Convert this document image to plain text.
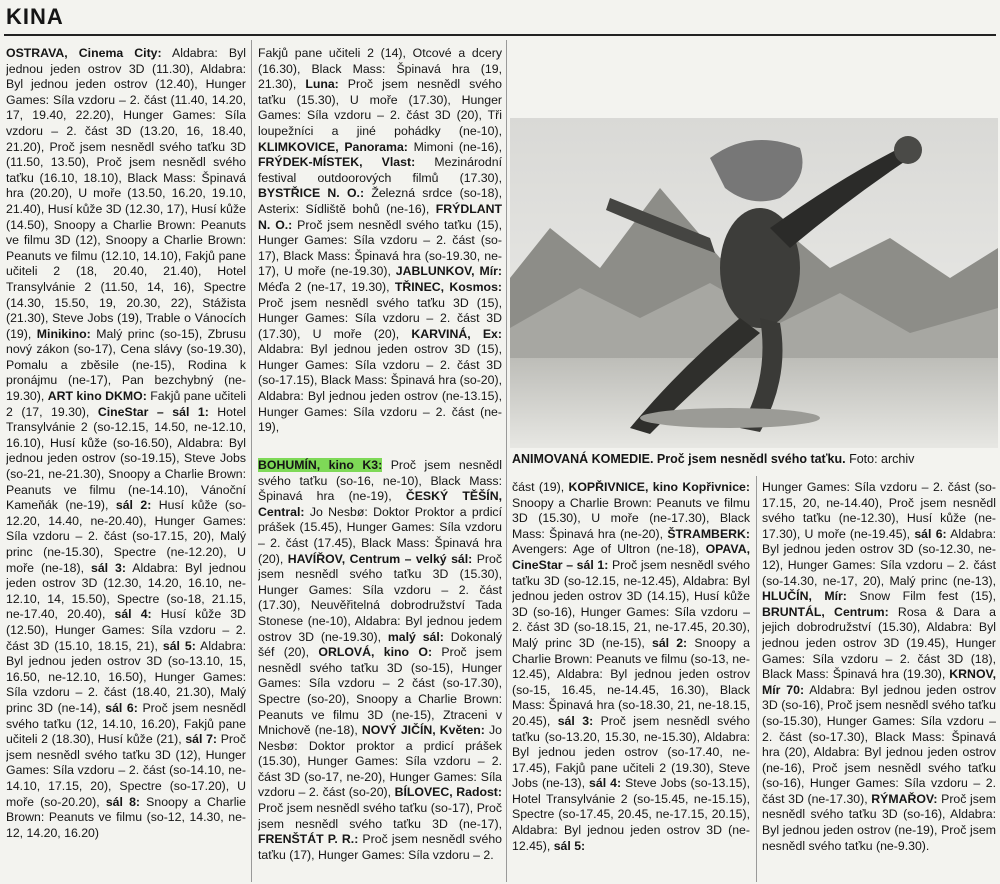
KINA
OSTRAVA, Cinema City: Aldabra: Byl jednou jeden ostrov 3D (11.30), Aldabra: Byl jednou jeden ostrov (12.40), Hunger Games: Síla vzdoru – 2. část (11.40, 14.20, 17, 19.40, 22.20), Hunger Games: Síla vzdoru – 2. část 3D (13.20, 16, 18.40, 21.20), Proč jsem nesnědl svého taťku 3D (11.50, 13.50), Proč jsem nesnědl svého taťku (16.10, 18.10), Black Mass: Špinavá hra (20.20), U moře (13.50, 16.20, 19.10, 21.40), Husí kůže 3D (12.30, 17), Husí kůže (14.50), Snoopy a Charlie Brown: Peanuts ve filmu 3D (12), Snoopy a Charlie Brown: Peanuts ve filmu (12.10, 14.10), Fakjů pane učiteli 2 (18, 20.40, 21.40), Hotel Transylvánie 2 (11.50, 14, 16), Spectre (14.30, 15.50, 19, 20.30, 22), Stážista (21.30), Steve Jobs (19), Trable o Vánocích (19), Minikino: Malý princ (so-15), Zbrusu nový zákon (so-17), Cena slávy (so-19.30), Pomalu a zběsile (ne-15), Rodina k pronájmu (ne-17), Pan bezchybný (ne-19.30), ART kino DKMO: Fakjů pane učiteli 2 (17, 19.30), CineStar – sál 1: Hotel Transylvánie 2 (so-12.15, 14.50, ne-12.10, 16.10), Husí kůže (so-16.50), Aldabra: Byl jednou jeden ostrov (so-19.15), Steve Jobs (so-21, ne-21.30), Snoopy a Charlie Brown: Peanuts ve filmu (ne-14.10), Vánoční Kameňák (ne-19), sál 2: Husí kůže (so-12.20, 14.40, ne-20.40), Hunger Games: Síla vzdoru – 2. část (so-17.15, 20), Malý princ (ne-15.30), Spectre (ne-12.20), U moře (ne-18), sál 3: Aldabra: Byl jednou jeden ostrov 3D (12.30, 14.20, 16.10, ne-12.10, 14, 15.50), Spectre (so-18, 21.15, ne-17.40, 20.40), sál 4: Husí kůže 3D (12.50), Hunger Games: Síla vzdoru – 2. část 3D (15.10, 18.15, 21), sál 5: Aldabra: Byl jednou jeden ostrov 3D (so-13.10, 15, 16.50, ne-12.10, 16.50), Hunger Games: Síla vzdoru – 2. část (18.40, 21.30), Malý princ 3D (ne-14), sál 6: Proč jsem nesnědl svého taťku (12, 14.10, 16.20), Fakjů pane učiteli 2 (18.30), Husí kůže (21), sál 7: Proč jsem nesnědl svého taťku 3D (12), Hunger Games: Síla vzdoru – 2. část (so-14.10, ne-14.10, 17.15, 20), Spectre (so-17.20), U moře (so-20.20), sál 8: Snoopy a Charlie Brown: Peanuts ve filmu (so-12, 14.30, ne-12, 14.20, 16.20)
Fakjů pane učiteli 2 (14), Otcové a dcery (16.30), Black Mass: Špinavá hra (19, 21.30), Luna: Proč jsem nesnědl svého taťku (15.30), U moře (17.30), Hunger Games: Síla vzdoru – 2. část 3D (20), Tři loupežníci a jiné pohádky (ne-10), KLIMKOVICE, Panorama: Mimoni (ne-16), FRÝDEK-MÍSTEK, Vlast: Mezinárodní festival outdoorových filmů (17.30), BYSTŘICE N. O.: Železná srdce (so-18), Asterix: Sídliště bohů (ne-16), FRÝDLANT N. O.: Proč jsem nesnědl svého taťku (15), Hunger Games: Síla vzdoru – 2. část (so-17), Black Mass: Špinavá hra (so-19.30, ne-17), U moře (ne-19.30), JABLUNKOV, Mír: Méďa 2 (ne-17, 19.30), TŘINEC, Kosmos: Proč jsem nesnědl svého taťku 3D (15), Hunger Games: Síla vzdoru – 2. část 3D (17.30), U moře (20), KARVINÁ, Ex: Aldabra: Byl jednou jeden ostrov 3D (15), Hunger Games: Síla vzdoru – 2. část 3D (so-17.15), Black Mass: Špinavá hra (so-20), Aldabra: Byl jednou jeden ostrov (ne-13.15), Hunger Games: Síla vzdoru – 2. část (ne-19),
BOHUMÍN, kino K3: Proč jsem nesnědl svého taťku (so-16, ne-10), Black Mass: Špinavá hra (ne-19), ČESKÝ TĚŠÍN, Central: Jo Nesbø: Doktor Proktor a prdicí prášek (15.45), Hunger Games: Síla vzdoru – 2. část (17.45), Black Mass: Špinavá hra (20), HAVÍŘOV, Centrum – velký sál: Proč jsem nesnědl svého taťku 3D (15.30), Hunger Games: Síla vzdoru – 2. část (17.30), Neuvěřitelná dobrodružství Tada Stonese (ne-10), Aldabra: Byl jednou jedem ostrov 3D (ne-19.30), malý sál: Dokonalý šéf (20), ORLOVÁ, kino O: Proč jsem nesnědl svého taťku 3D (so-15), Hunger Games: Síla vzdoru – 2 část (so-17.30), Spectre (so-20), Snoopy a Charlie Brown: Peanuts ve filmu 3D (ne-15), Ztraceni v Mnichově (ne-18), NOVÝ JIČÍN, Květen: Jo Nesbø: Doktor proktor a prdicí prášek (15.30), Hunger Games: Síla vzdoru – 2. část 3D (so-17, ne-20), Hunger Games: Síla vzdoru – 2. část (so-20), BÍLOVEC, Radost: Proč jsem nesnědl svého taťku (so-17), Proč jsem nesnědl svého taťku 3D (ne-17), FRENŠTÁT P. R.: Proč jsem nesnědl svého taťku (17), Hunger Games: Síla vzdoru – 2.
ANIMOVANÁ KOMEDIE. Proč jsem nesnědl svého taťku. Foto: archiv
část (19), KOPŘIVNICE, kino Kopřivnice: Snoopy a Charlie Brown: Peanuts ve filmu 3D (15.30), U moře (ne-17.30), Black Mass: Špinavá hra (ne-20), ŠTRAMBERK: Avengers: Age of Ultron (ne-18), OPAVA, CineStar – sál 1: Proč jsem nesnědl svého taťku 3D (so-12.15, ne-12.45), Aldabra: Byl jednou jeden ostrov 3D (14.15), Husí kůže 3D (so-16), Hunger Games: Síla vzdoru – 2. část 3D (so-18.15, 21, ne-17.45, 20.30), Malý princ 3D (ne-15), sál 2: Snoopy a Charlie Brown: Peanuts ve filmu (so-13, ne-12.45), Aldabra: Byl jednou jeden ostrov (so-15, 16.45, ne-14.45, 16.30), Black Mass: Špinavá hra (so-18.30, 21, ne-18.15, 20.45), sál 3: Proč jsem nesnědl svého taťku (so-13.20, 15.30, ne-15.30), Aldabra: Byl jednou jeden ostrov (so-17.40, ne-17.45), Fakjů pane učiteli 2 (19.30), Steve Jobs (ne-13), sál 4: Steve Jobs (so-13.15), Hotel Transylvánie 2 (so-15.45, ne-15.15), Spectre (so-17.45, 20.45, ne-17.15, 20.15), Aldabra: Byl jednou jeden ostrov 3D (ne-12.45), sál 5:
Hunger Games: Síla vzdoru – 2. část (so-17.15, 20, ne-14.40), Proč jsem nesnědl svého taťku (ne-12.30), Husí kůže (ne-17.30), U moře (ne-19.45), sál 6: Aldabra: Byl jednou jeden ostrov 3D (so-12.30, ne-12), Hunger Games: Síla vzdoru – 2. část (so-14.30, ne-17, 20), Malý princ (ne-13), HLUČÍN, Mír: Snow Film fest (15), BRUNTÁL, Centrum: Rosa & Dara a jejich dobrodružství (15.30), Aldabra: Byl jednou jeden ostrov 3D (19.45), Hunger Games: Síla vzdoru – 2. část 3D (18), Black Mass: Špinavá hra (19.30), KRNOV, Mír 70: Aldabra: Byl jednou jeden ostrov 3D (so-16), Proč jsem nesnědl svého taťku (so-15.30), Hunger Games: Síla vzdoru – 2. část (so-17.30), Black Mass: Špinavá hra (20), Aldabra: Byl jednou jeden ostrov (ne-16), Proč jsem nesnědl svého taťku (so-16), Hunger Games: Síla vzdoru – 2. část 3D (ne-17.30), RÝMAŘOV: Proč jsem nesnědl svého taťku 3D (so-16), Aldabra: Byl jednou jeden ostrov (ne-19), Proč jsem nesnědl svého taťku (ne-9.30).
